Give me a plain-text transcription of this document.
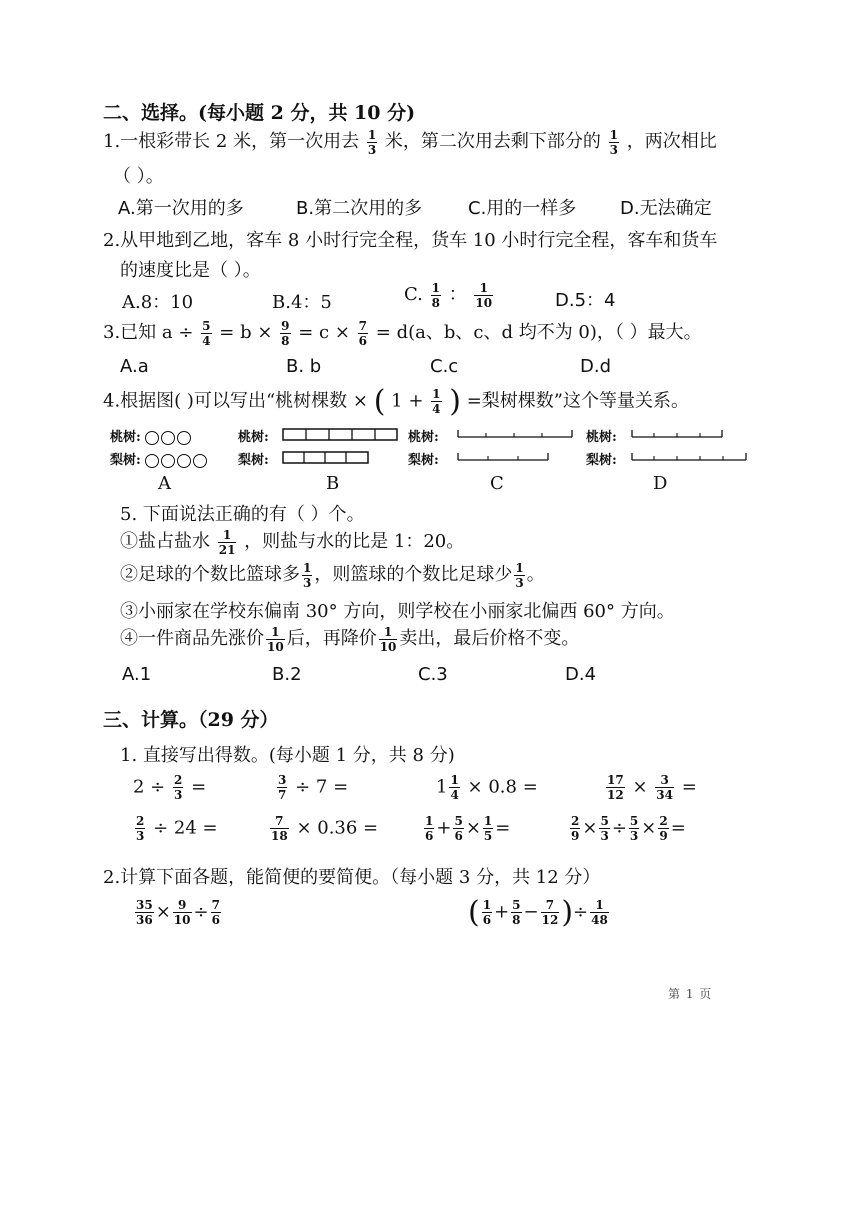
二、选择。(每小题 2 分，共 10 分)
1.一根彩带长 2 米，第一次用去 $\frac{1}{3}$ 米，第二次用去剩下部分的 $\frac{1}{3}$ ，两次相比
（ ）。
A.第一次用的多	B.第二次用的多	C.用的一样多 D.无法确定
2.从甲地到乙地，客车 8 小时行完全程，货车 10 小时行完全程，客车和货车
的速度比是（ ）。
A.8：10	B.4：5	C. $\frac{1}{8}$ ： $\frac{1}{10}$	D.5：4
3.已知 $a \div \frac{5}{4} = b \times \frac{9}{8} = c \times \frac{7}{6} = d(a$、b、c、d 均不为 0)，（ ）最大。
A.a	B. b	C.c	D.d
4.根据图( )可以写出“桃树棵数 × ( $1 + \frac{1}{4}$ ) =梨树棵数”这个等量关系。
桃树:
梨树:
A
桃树:
梨树:
B
桃树:
梨树:
C
桃树:
梨树:
D
5. 下面说法正确的有（ ）个。
①盐占盐水 $\frac{1}{21}$ ，则盐与水的比是 1：20。
②足球的个数比篮球多 $\frac{1}{3}$ ，则篮球的个数比足球少 $\frac{1}{3}$ 。
③小丽家在学校东偏南 30° 方向，则学校在小丽家北偏西 60° 方向。
④一件商品先涨价 $\frac{1}{10}$ 后，再降价 $\frac{1}{10}$ 卖出，最后价格不变。
A.1	B.2	C.3	D.4
三、计算。（29 分）
1. 直接写出得数。(每小题 1 分，共 8 分)
$2 \div \frac{2}{3}$ =	$\frac{3}{7} \div 7$ =	$1 \frac{1}{4} \times 0.8$ =	$\frac{17}{12} \times \frac{3}{34}$ =
$\frac{2}{3} \div 24$ =	$\frac{7}{18} \times 0.36$ =	$\frac{1}{6} + \frac{5}{6} \times \frac{1}{5}$ =	$\frac{2}{9} \times \frac{5}{3} \div \frac{5}{3} \times \frac{2}{9}$ =
2.计算下面各题，能简便的要简便。（每小题 3 分，共 12 分）
$\frac{35}{36} \times \frac{9}{10} \div \frac{7}{6}$	( $\frac{1}{6} + \frac{5}{8} - \frac{7}{12}$ )÷ $\frac{1}{48}$
第 1 页
